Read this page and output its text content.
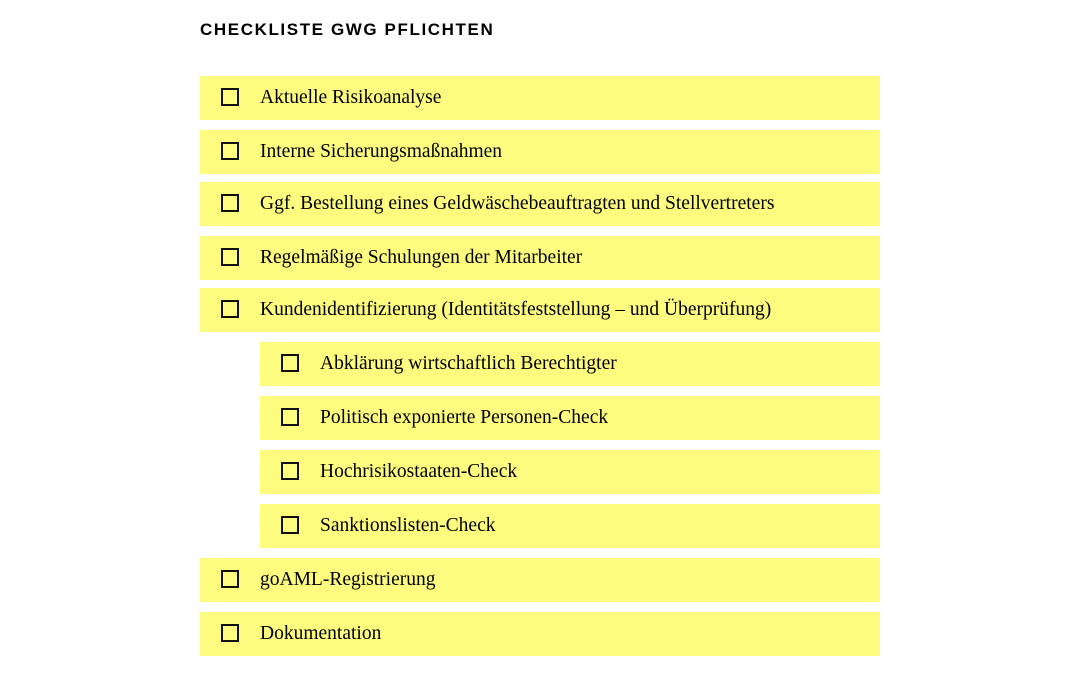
CHECKLISTE GWG PFLICHTEN
Aktuelle Risikoanalyse
Interne Sicherungsmaßnahmen
Ggf. Bestellung eines Geldwäschebeauftragten und Stellvertreters
Regelmäßige Schulungen der Mitarbeiter
Kundenidentifizierung (Identitätsfeststellung – und Überprüfung)
Abklärung wirtschaftlich Berechtigter
Politisch exponierte Personen-Check
Hochrisikostaaten-Check
Sanktionslisten-Check
goAML-Registrierung
Dokumentation
